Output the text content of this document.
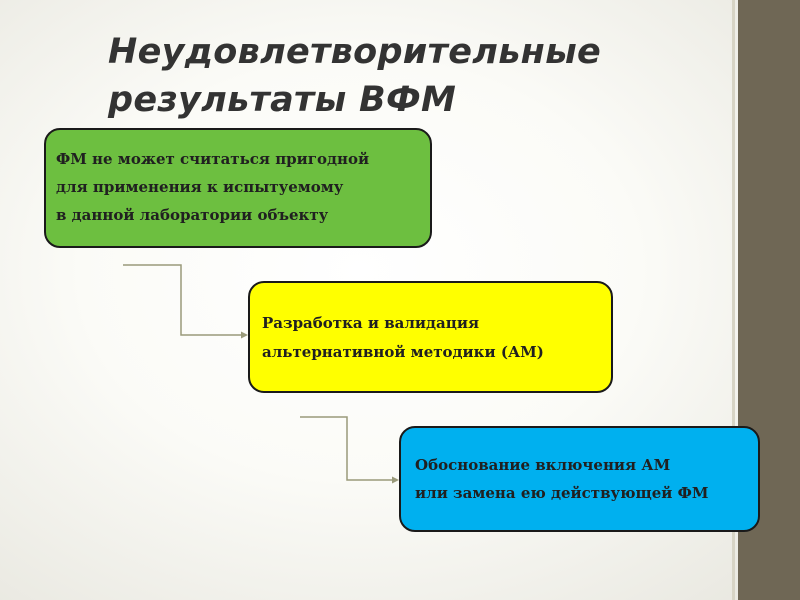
Неудовлетворительные результаты ВФМ
ФМ не может считаться пригодной
для применения к испытуемому
в данной лаборатории объекту
Разработка и валидация
альтернативной методики (АМ)
Обоснование включения АМ
или замена ею действующей ФМ
